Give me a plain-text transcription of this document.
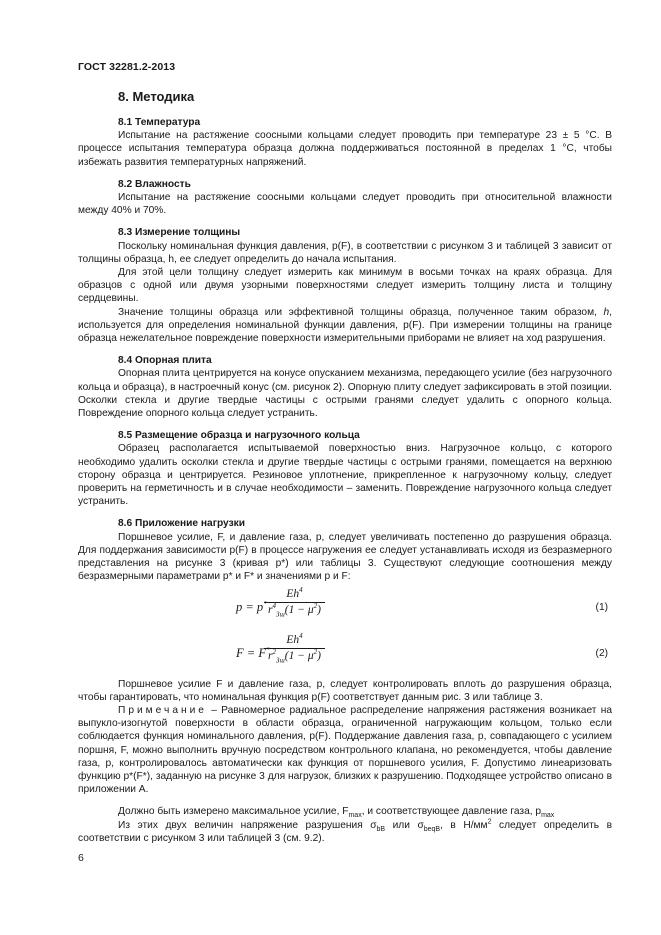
ГОСТ 32281.2-2013
8. Методика

8.1 Температура

Испытание на растяжение соосными кольцами следует проводить при температуре 23 ± 5 °С. В процессе испытания температура образца должна поддерживаться постоянной в пределах 1 °С, чтобы избежать развития температурных напряжений.

8.2 Влажность

Испытание на растяжение соосными кольцами следует проводить при относительной влажности между 40% и 70%.

8.3 Измерение толщины

Поскольку номинальная функция давления, р(F), в соответствии с рисунком 3 и таблицей 3 зависит от толщины образца, h, ее следует определить до начала испытания.

Для этой цели толщину следует измерить как минимум в восьми точках на краях образца. Для образцов с одной или двумя узорными поверхностями следует измерить толщину листа и толщину сердцевины.

Значение толщины образца или эффективной толщины образца, полученное таким образом, h, используется для определения номинальной функции давления, р(F). При измерении толщины на границе образца нежелательное повреждение поверхности измерительными приборами не влияет на ход разрушения.

8.4 Опорная плита

Опорная плита центрируется на конусе опусканием механизма, передающего усилие (без нагрузочного кольца и образца), в настроечный конус (см. рисунок 2). Опорную плиту следует зафиксировать в этой позиции. Осколки стекла и другие твердые частицы с острыми гранями следует удалить с опорного кольца. Повреждение опорного кольца следует устранить.

8.5 Размещение образца и нагрузочного кольца

Образец располагается испытываемой поверхностью вниз. Нагрузочное кольцо, с которого необходимо удалить осколки стекла и другие твердые частицы с острыми гранями, помещается на верхнюю сторону образца и центрируется. Резиновое уплотнение, прикрепленное к нагрузочному кольцу, следует проверить на герметичность и в случае необходимости – заменить. Повреждение нагрузочного кольца следует устранить.

8.6 Приложение нагрузки

Поршневое усилие, F, и давление газа, р, следует увеличивать постепенно до разрушения образца. Для поддержания зависимости р(F) в процессе нагружения ее следует устанавливать исходя из безразмерного представления на рисунке 3 (кривая р*) или таблицы 3. Существуют следующие соотношения между безразмерными параметрами р* и F* и значениями р и F:

p = p*
Eh$^4$
$r^4_{Зш}(1 - \mu^2)$	(1)
F = F*
Eh$^4$
$r^2_{Зш}(1 - \mu^2)$	(2)

Поршневое усилие F и давление газа, р, следует контролировать вплоть до разрушения образца, чтобы гарантировать, что номинальная функция р(F) соответствует данным рис. 3 или таблице 3.

Примечание – Равномерное радиальное распределение напряжения растяжения возникает на выпукло-изогнутой поверхности в области образца, ограниченной нагружающим кольцом, только если соблюдается функция номинального давления, р(F). Поддержание давления газа, р, совпадающего с усилием поршня, F, можно выполнить вручную посредством контрольного клапана, но рекомендуется, чтобы давление газа, р, контролировалось автоматически как функция от поршневого усилия, F. Допустимо линеаризовать функцию р*(F*), заданную на рисунке 3 для нагрузок, близких к разрушению. Подходящее устройство описано в приложении А.

Должно быть измерено максимальное усилие, $F_{max}$, и соответствующее давление газа, $р_{max}$

Из этих двух величин напряжение разрушения $\sigma_{bB}$ или $\sigma_{beqB}$, в $Н/мм^2$ следует определить в соответствии с рисунком 3 или таблицей 3 (см. 9.2).

6
